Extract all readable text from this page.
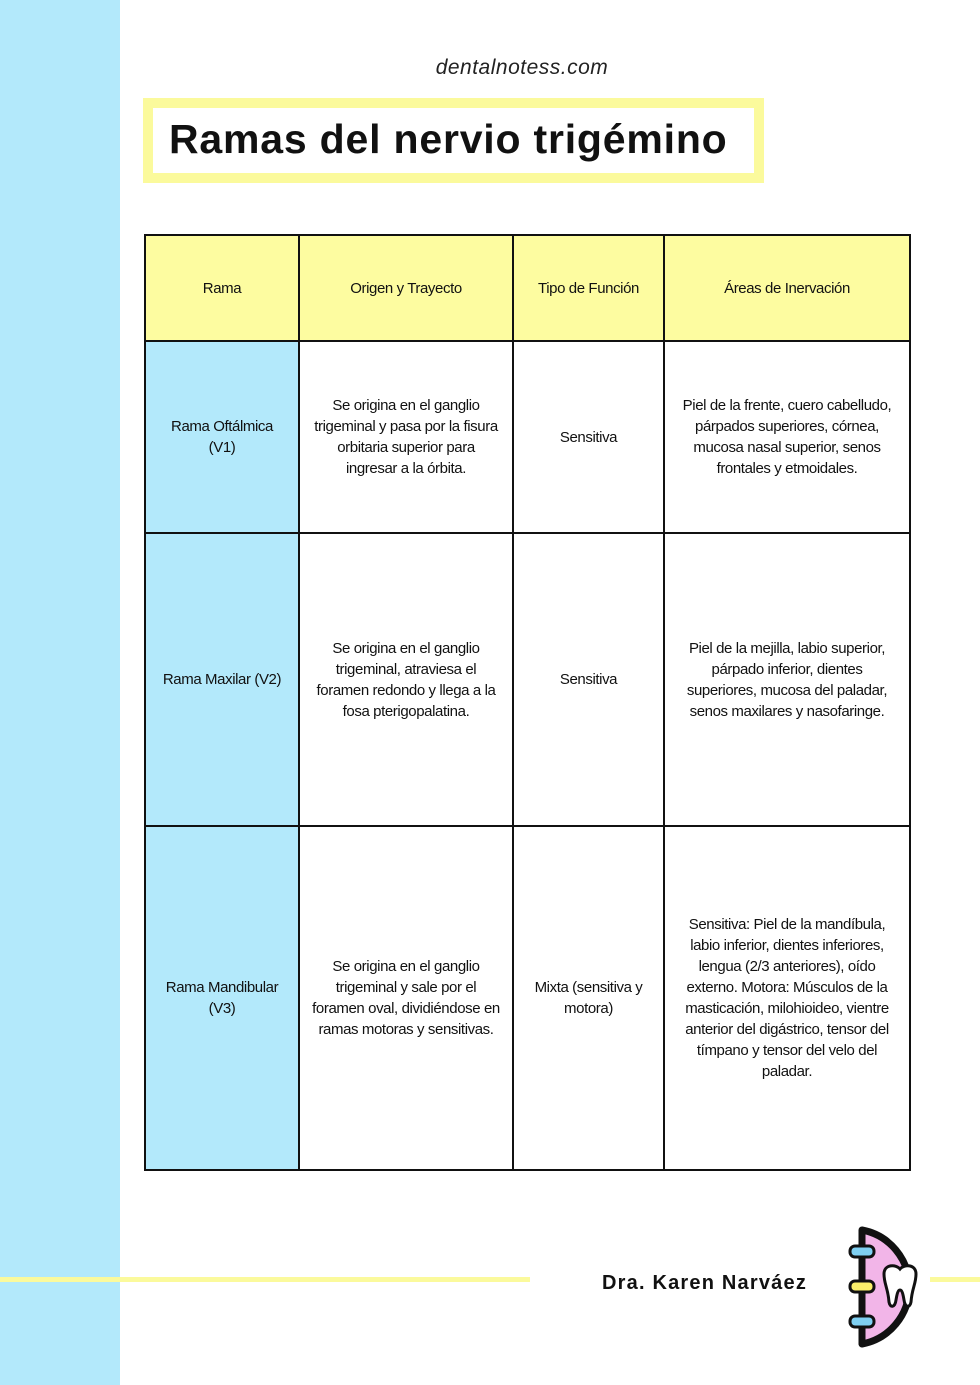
dentalnotess.com
Ramas del nervio trigémino
Rama	Origen y Trayecto	Tipo de Función	Áreas de Inervación
Rama Oftálmica (V1)	Se origina en el ganglio trigeminal y pasa por la fisura orbitaria superior para ingresar a la órbita.	Sensitiva	Piel de la frente, cuero cabelludo, párpados superiores, córnea, mucosa nasal superior, senos frontales y etmoidales.
Rama Maxilar (V2)	Se origina en el ganglio trigeminal, atraviesa el foramen redondo y llega a la fosa pterigopalatina.	Sensitiva	Piel de la mejilla, labio superior, párpado inferior, dientes superiores, mucosa del paladar, senos maxilares y nasofaringe.
Rama Mandibular (V3)	Se origina en el ganglio trigeminal y sale por el foramen oval, dividiéndose en ramas motoras y sensitivas.	Mixta (sensitiva y motora)	Sensitiva: Piel de la mandíbula, labio inferior, dientes inferiores, lengua (2/3 anteriores), oído externo. Motora: Músculos de la masticación, milohioideo, vientre anterior del digástrico, tensor del tímpano y tensor del velo del paladar.
Dra. Karen Narváez
